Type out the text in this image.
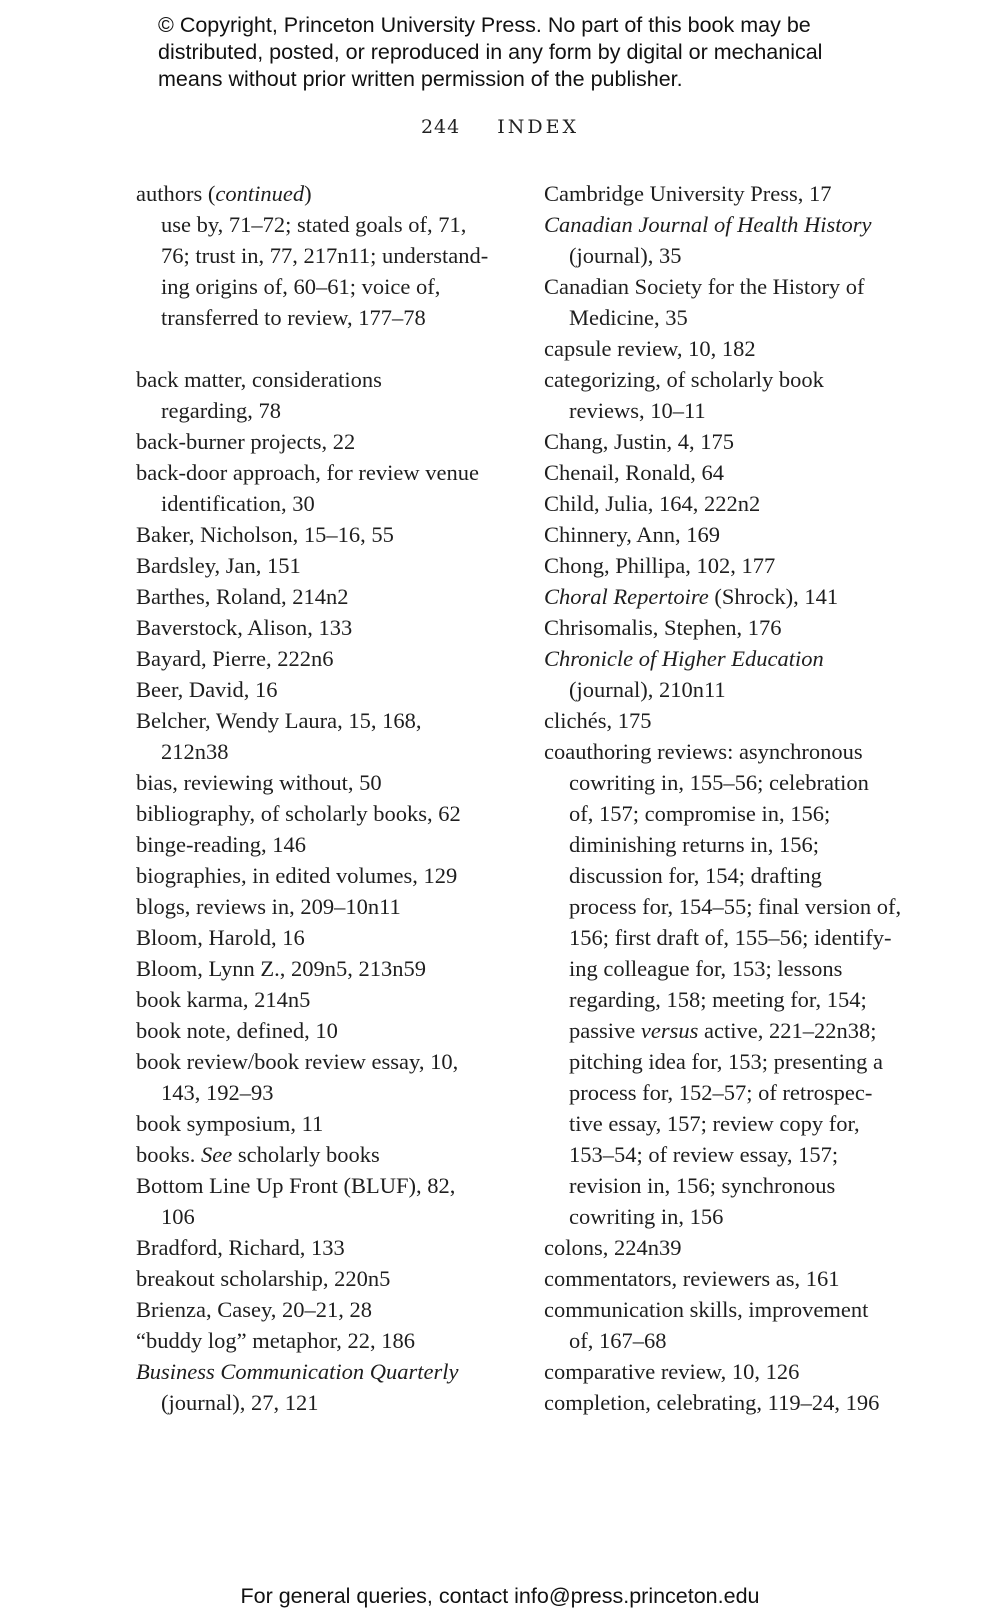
© Copyright, Princeton University Press. No part of this book may be
distributed, posted, or reproduced in any form by digital or mechanical
means without prior written permission of the publisher.
244 INDEX

authors (continued)
use by, 71–72; stated goals of, 71,
76; trust in, 77, 217n11; understand-
ing origins of, 60–61; voice of,
transferred to review, 177–78

back matter, considerations
regarding, 78

back-burner projects, 22

back-door approach, for review venue
identification, 30

Baker, Nicholson, 15–16, 55

Bardsley, Jan, 151

Barthes, Roland, 214n2

Baverstock, Alison, 133

Bayard, Pierre, 222n6

Beer, David, 16

Belcher, Wendy Laura, 15, 168,
212n38

bias, reviewing without, 50

bibliography, of scholarly books, 62

binge-reading, 146

biographies, in edited volumes, 129

blogs, reviews in, 209–10n11

Bloom, Harold, 16

Bloom, Lynn Z., 209n5, 213n59

book karma, 214n5

book note, defined, 10

book review/book review essay, 10,
143, 192–93

book symposium, 11

books. See scholarly books

Bottom Line Up Front (BLUF), 82,
106

Bradford, Richard, 133

breakout scholarship, 220n5

Brienza, Casey, 20–21, 28

“buddy log” metaphor, 22, 186

Business Communication Quarterly
(journal), 27, 121

Cambridge University Press, 17

Canadian Journal of Health History
(journal), 35

Canadian Society for the History of
Medicine, 35

capsule review, 10, 182

categorizing, of scholarly book
reviews, 10–11

Chang, Justin, 4, 175

Chenail, Ronald, 64

Child, Julia, 164, 222n2

Chinnery, Ann, 169

Chong, Phillipa, 102, 177

Choral Repertoire (Shrock), 141

Chrisomalis, Stephen, 176

Chronicle of Higher Education
(journal), 210n11

clichés, 175

coauthoring reviews: asynchronous
cowriting in, 155–56; celebration
of, 157; compromise in, 156;
diminishing returns in, 156;
discussion for, 154; drafting
process for, 154–55; final version of,
156; first draft of, 155–56; identify-
ing colleague for, 153; lessons
regarding, 158; meeting for, 154;
passive versus active, 221–22n38;
pitching idea for, 153; presenting a
process for, 152–57; of retrospec-
tive essay, 157; review copy for,
153–54; of review essay, 157;
revision in, 156; synchronous
cowriting in, 156

colons, 224n39

commentators, reviewers as, 161

communication skills, improvement
of, 167–68

comparative review, 10, 126

completion, celebrating, 119–24, 196

For general queries, contact info@press.princeton.edu
